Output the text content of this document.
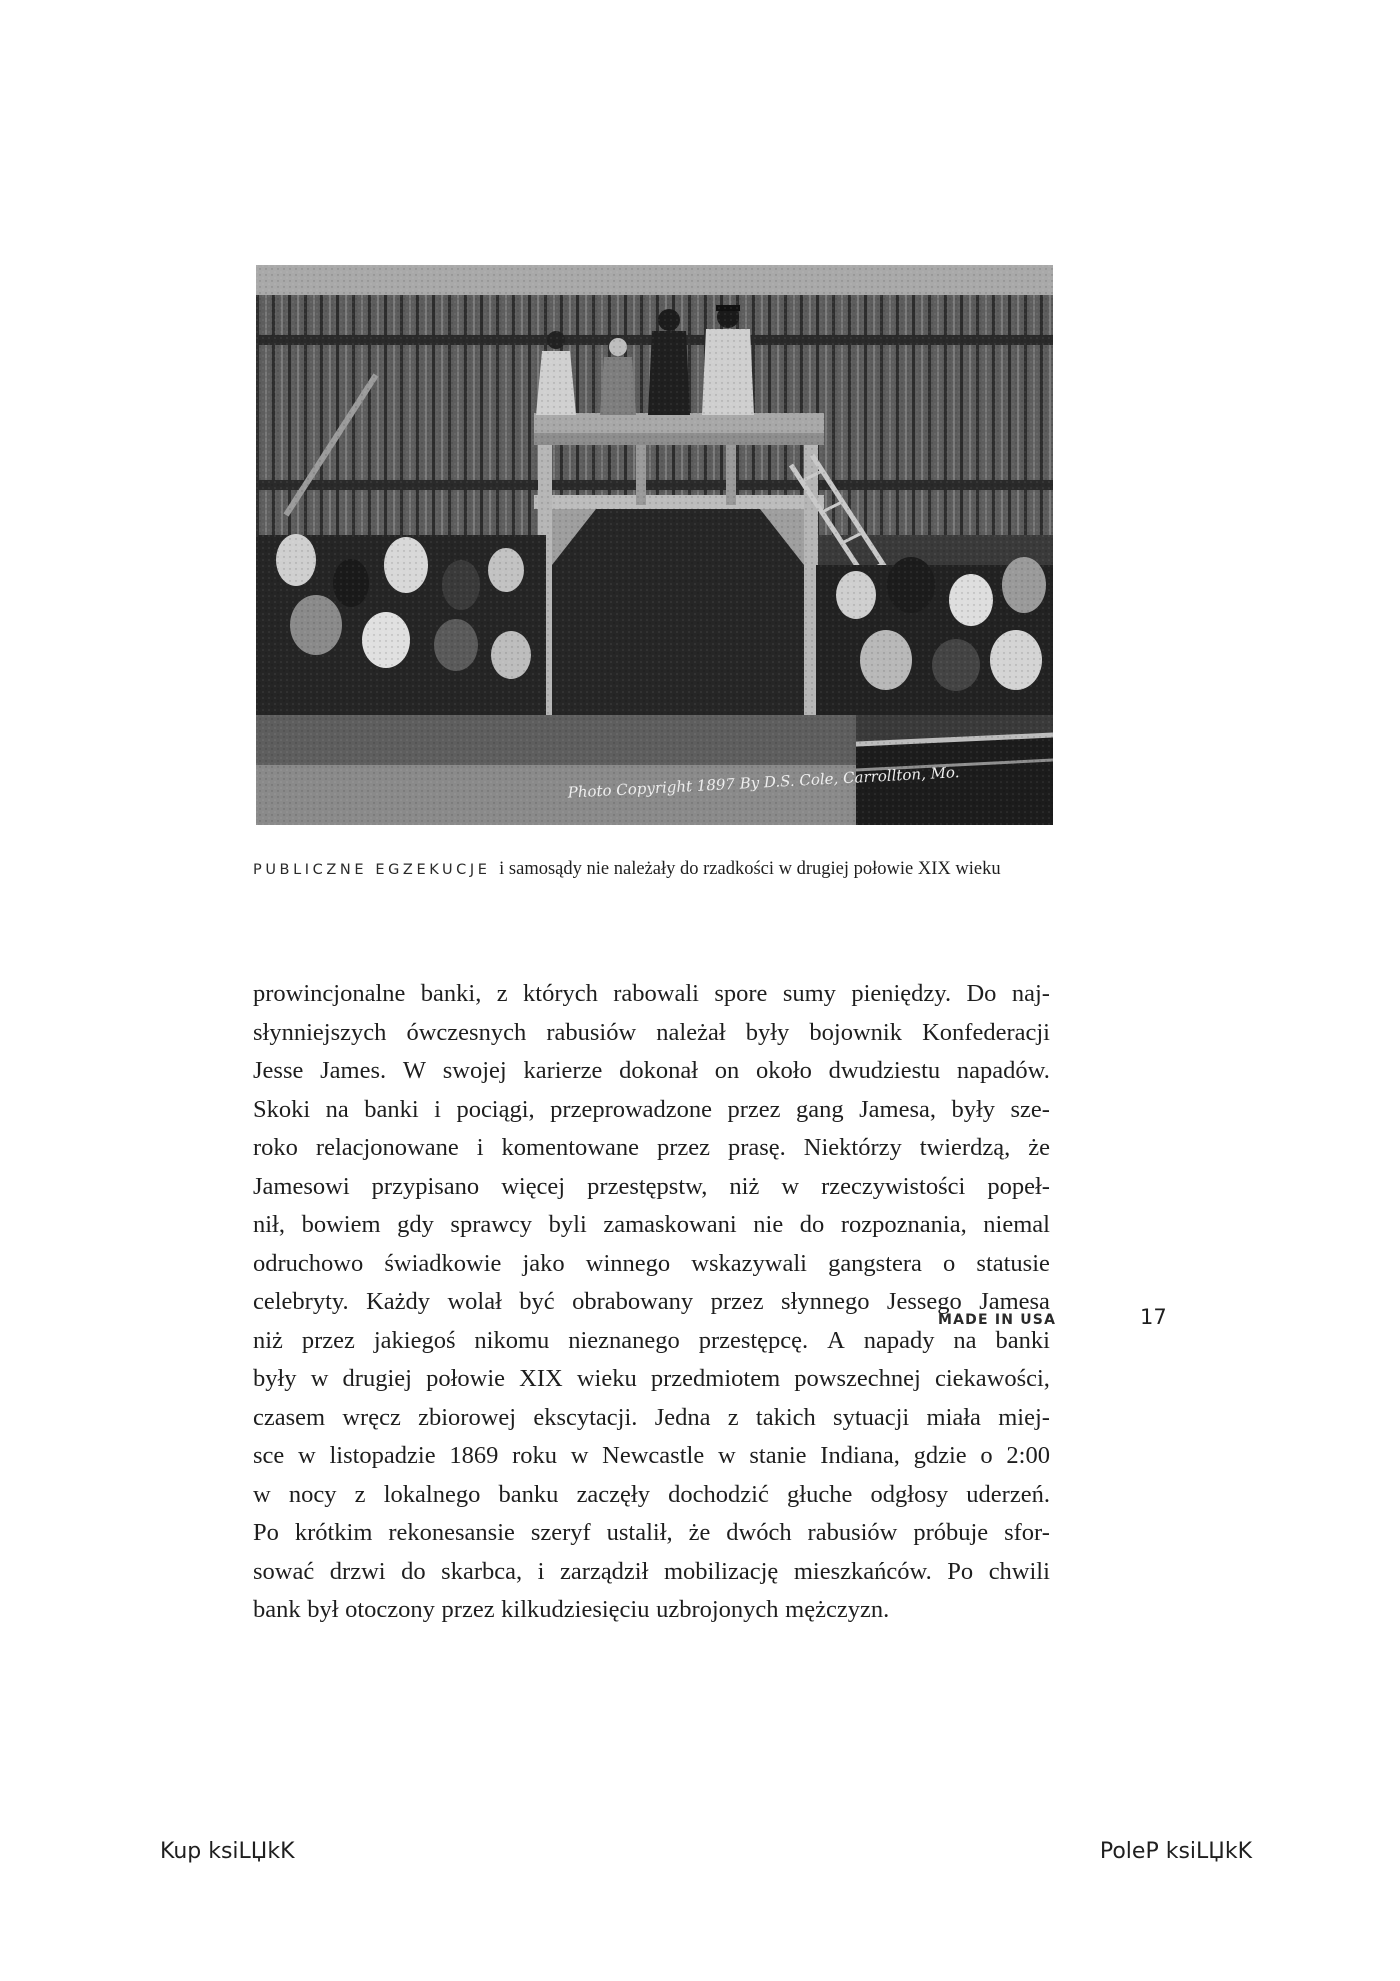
PUBLICZNE EGZEKUCJE i samosądy nie należały do rzadkości w drugiej połowie XIX wieku

prowincjonalne banki, z których rabowali spore sumy pieniędzy. Do naj-
słynniejszych ówczesnych rabusiów należał były bojownik Konfederacji
Jesse James. W swojej karierze dokonał on około dwudziestu napadów.
Skoki na banki i pociągi, przeprowadzone przez gang Jamesa, były sze-
roko relacjonowane i komentowane przez prasę. Niektórzy twierdzą, że
Jamesowi przypisano więcej przestępstw, niż w rzeczywistości popeł-
nił, bowiem gdy sprawcy byli zamaskowani nie do rozpoznania, niemal
odruchowo świadkowie jako winnego wskazywali gangstera o statusie
celebryty. Każdy wolał być obrabowany przez słynnego Jessego Jamesa
niż przez jakiegoś nikomu nieznanego przestępcę. A napady na banki
były w drugiej połowie XIX wieku przedmiotem powszechnej ciekawości,
czasem wręcz zbiorowej ekscytacji. Jedna z takich sytuacji miała miej-
sce w listopadzie 1869 roku w Newcastle w stanie Indiana, gdzie o 2:00
w nocy z lokalnego banku zaczęły dochodzić głuche odgłosy uderzeń.
Po krótkim rekonesansie szeryf ustalił, że dwóch rabusiów próbuje sfor-
sować drzwi do skarbca, i zarządził mobilizację mieszkańców. Po chwili
bank był otoczony przez kilkudziesięciu uzbrojonych mężczyzn.
MADE IN USA	17
Kup ksiLЏkK	PoleP ksiLЏkK
